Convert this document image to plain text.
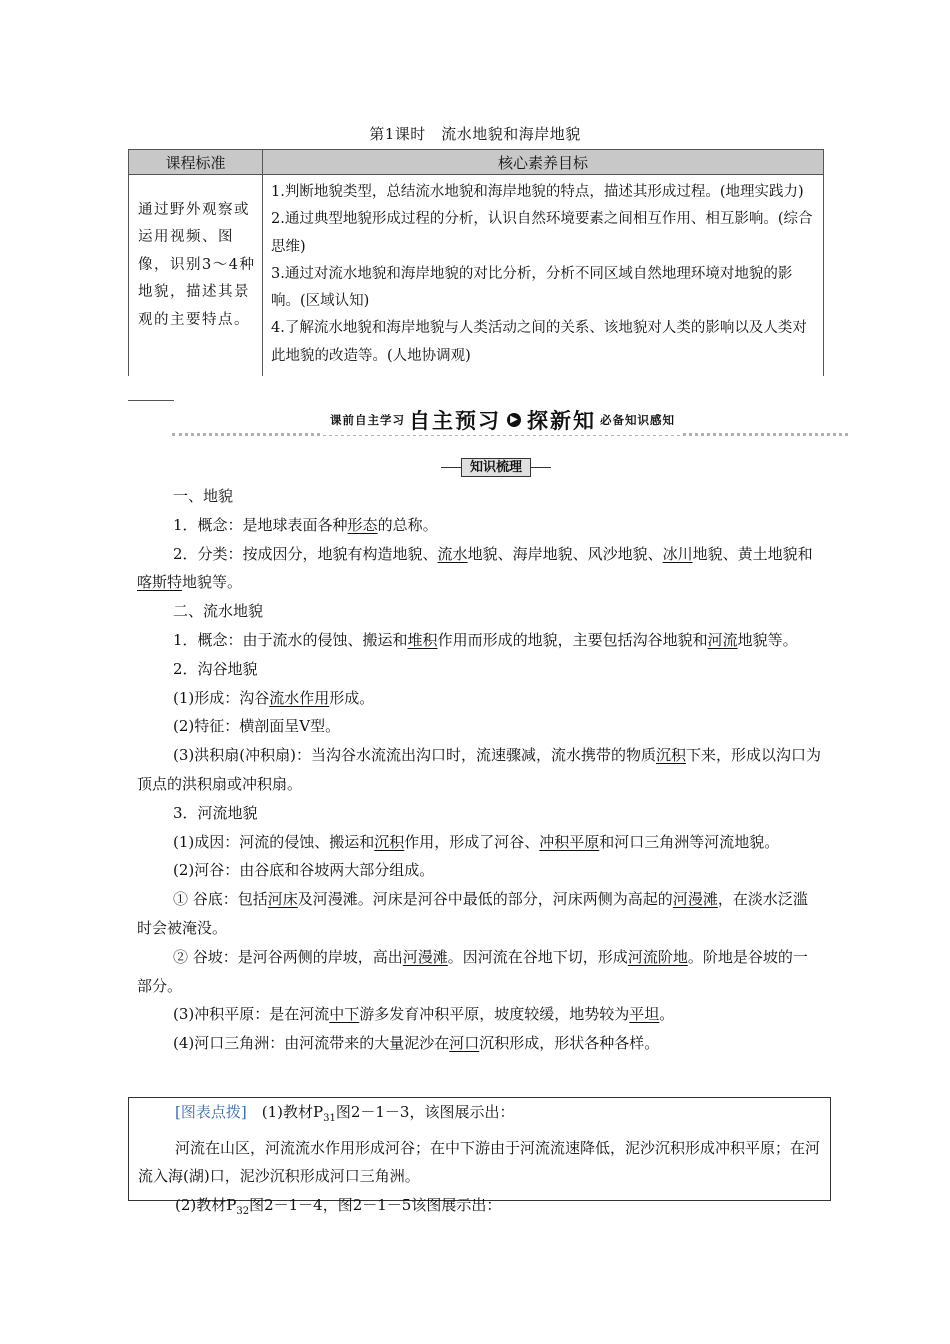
第1课时　流水地貌和海岸地貌
课程标准	核心素养目标
通过野外观察或运用视频、图像，识别3～4种地貌，描述其景观的主要特点。	1.判断地貌类型，总结流水地貌和海岸地貌的特点，描述其形成过程。(地理实践力)
2.通过典型地貌形成过程的分析，认识自然环境要素之间相互作用、相互影响。(综合思维)
3.通过对流水地貌和海岸地貌的对比分析，分析不同区域自然地理环境对地貌的影响。(区域认知)
4.了解流水地貌和海岸地貌与人类活动之间的关系、该地貌对人类的影响以及人类对此地貌的改造等。(人地协调观)
课前自主学习 自主预习 ▶ 探新知 必备知识感知
知识梳理

一、地貌

1．概念：是地球表面各种形态的总称。

2．分类：按成因分，地貌有构造地貌、流水地貌、海岸地貌、风沙地貌、冰川地貌、黄土地貌和喀斯特地貌等。

二、流水地貌

1．概念：由于流水的侵蚀、搬运和堆积作用而形成的地貌，主要包括沟谷地貌和河流地貌等。

2．沟谷地貌

(1)形成：沟谷流水作用形成。

(2)特征：横剖面呈Ⅴ型。

(3)洪积扇(冲积扇)：当沟谷水流流出沟口时，流速骤减，流水携带的物质沉积下来，形成以沟口为顶点的洪积扇或冲积扇。

3．河流地貌

(1)成因：河流的侵蚀、搬运和沉积作用，形成了河谷、冲积平原和河口三角洲等河流地貌。

(2)河谷：由谷底和谷坡两大部分组成。

① 谷底：包括河床及河漫滩。河床是河谷中最低的部分，河床两侧为高起的河漫滩，在淡水泛滥时会被淹没。

② 谷坡：是河谷两侧的岸坡，高出河漫滩。因河流在谷地下切，形成河流阶地。阶地是谷坡的一部分。

(3)冲积平原：是在河流中下游多发育冲积平原，坡度较缓，地势较为平坦。

(4)河口三角洲：由河流带来的大量泥沙在河口沉积形成，形状各种各样。

[图表点拨]　 (1)教材$P_{31}$图2－1－3，该图展示出：

河流在山区，河流流水作用形成河谷；在中下游由于河流流速降低，泥沙沉积形成冲积平原；在河流入海(湖)口，泥沙沉积形成河口三角洲。

(2)教材$P_{32}$图2－1－4，图2－1－5该图展示出：
